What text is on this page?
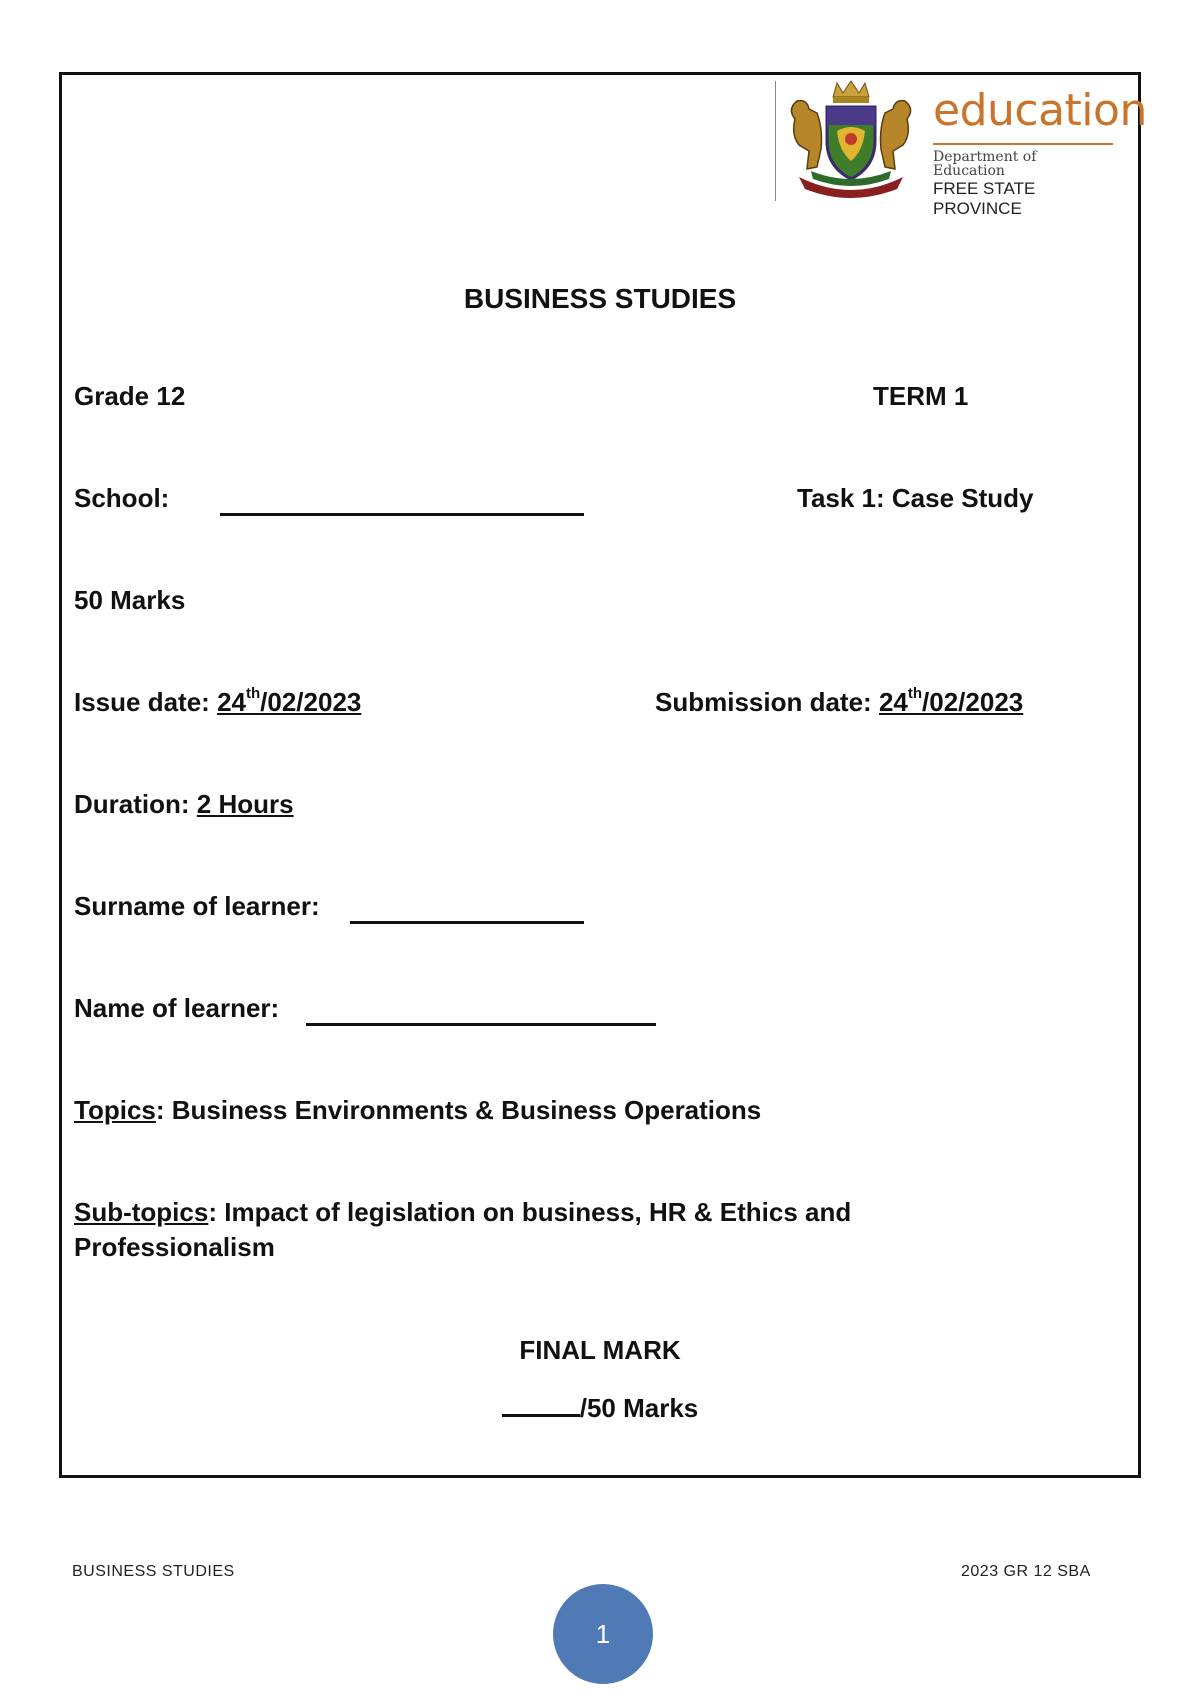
education
Department of
Education
FREE STATE PROVINCE
BUSINESS STUDIES
Grade 12	TERM 1
School:	Task 1: Case Study
50 Marks
Issue date: 24th/02/2023	Submission date: 24th/02/2023
Duration: 2 Hours
Surname of learner:
Name of learner:
Topics: Business Environments & Business Operations
Sub-topics: Impact of legislation on business, HR & Ethics and
Professionalism
FINAL MARK
/50 Marks
BUSINESS STUDIES	2023 GR 12 SBA
1
